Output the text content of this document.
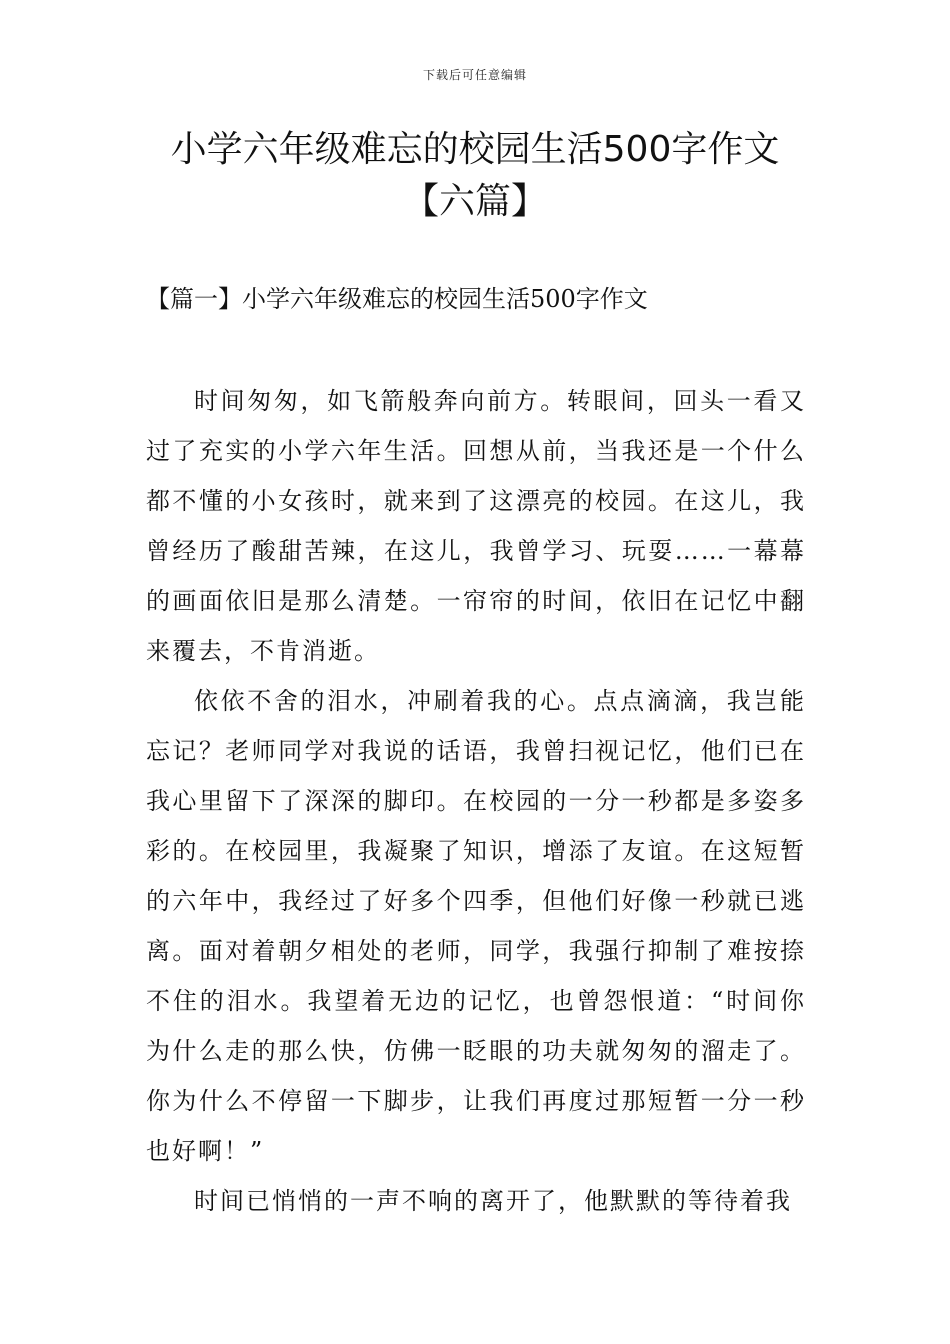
下载后可任意编辑
小学六年级难忘的校园生活500字作文
【六篇】
【篇一】小学六年级难忘的校园生活500字作文

时间匆匆，如飞箭般奔向前方。转眼间，回头一看又过了充实的小学六年生活。回想从前，当我还是一个什么都不懂的小女孩时，就来到了这漂亮的校园。在这儿，我曾经历了酸甜苦辣，在这儿，我曾学习、玩耍……一幕幕的画面依旧是那么清楚。一帘帘的时间，依旧在记忆中翻来覆去，不肯消逝。

依依不舍的泪水，冲刷着我的心。点点滴滴，我岂能忘记？老师同学对我说的话语，我曾扫视记忆，他们已在我心里留下了深深的脚印。在校园的一分一秒都是多姿多彩的。在校园里，我凝聚了知识，增添了友谊。在这短暂的六年中，我经过了好多个四季，但他们好像一秒就已逃离。面对着朝夕相处的老师，同学，我强行抑制了难按捺不住的泪水。我望着无边的记忆，也曾怨恨道：“时间你为什么走的那么快，仿佛一眨眼的功夫就匆匆的溜走了。你为什么不停留一下脚步，让我们再度过那短暂一分一秒也好啊！”

时间已悄悄的一声不响的离开了，他默默的等待着我
